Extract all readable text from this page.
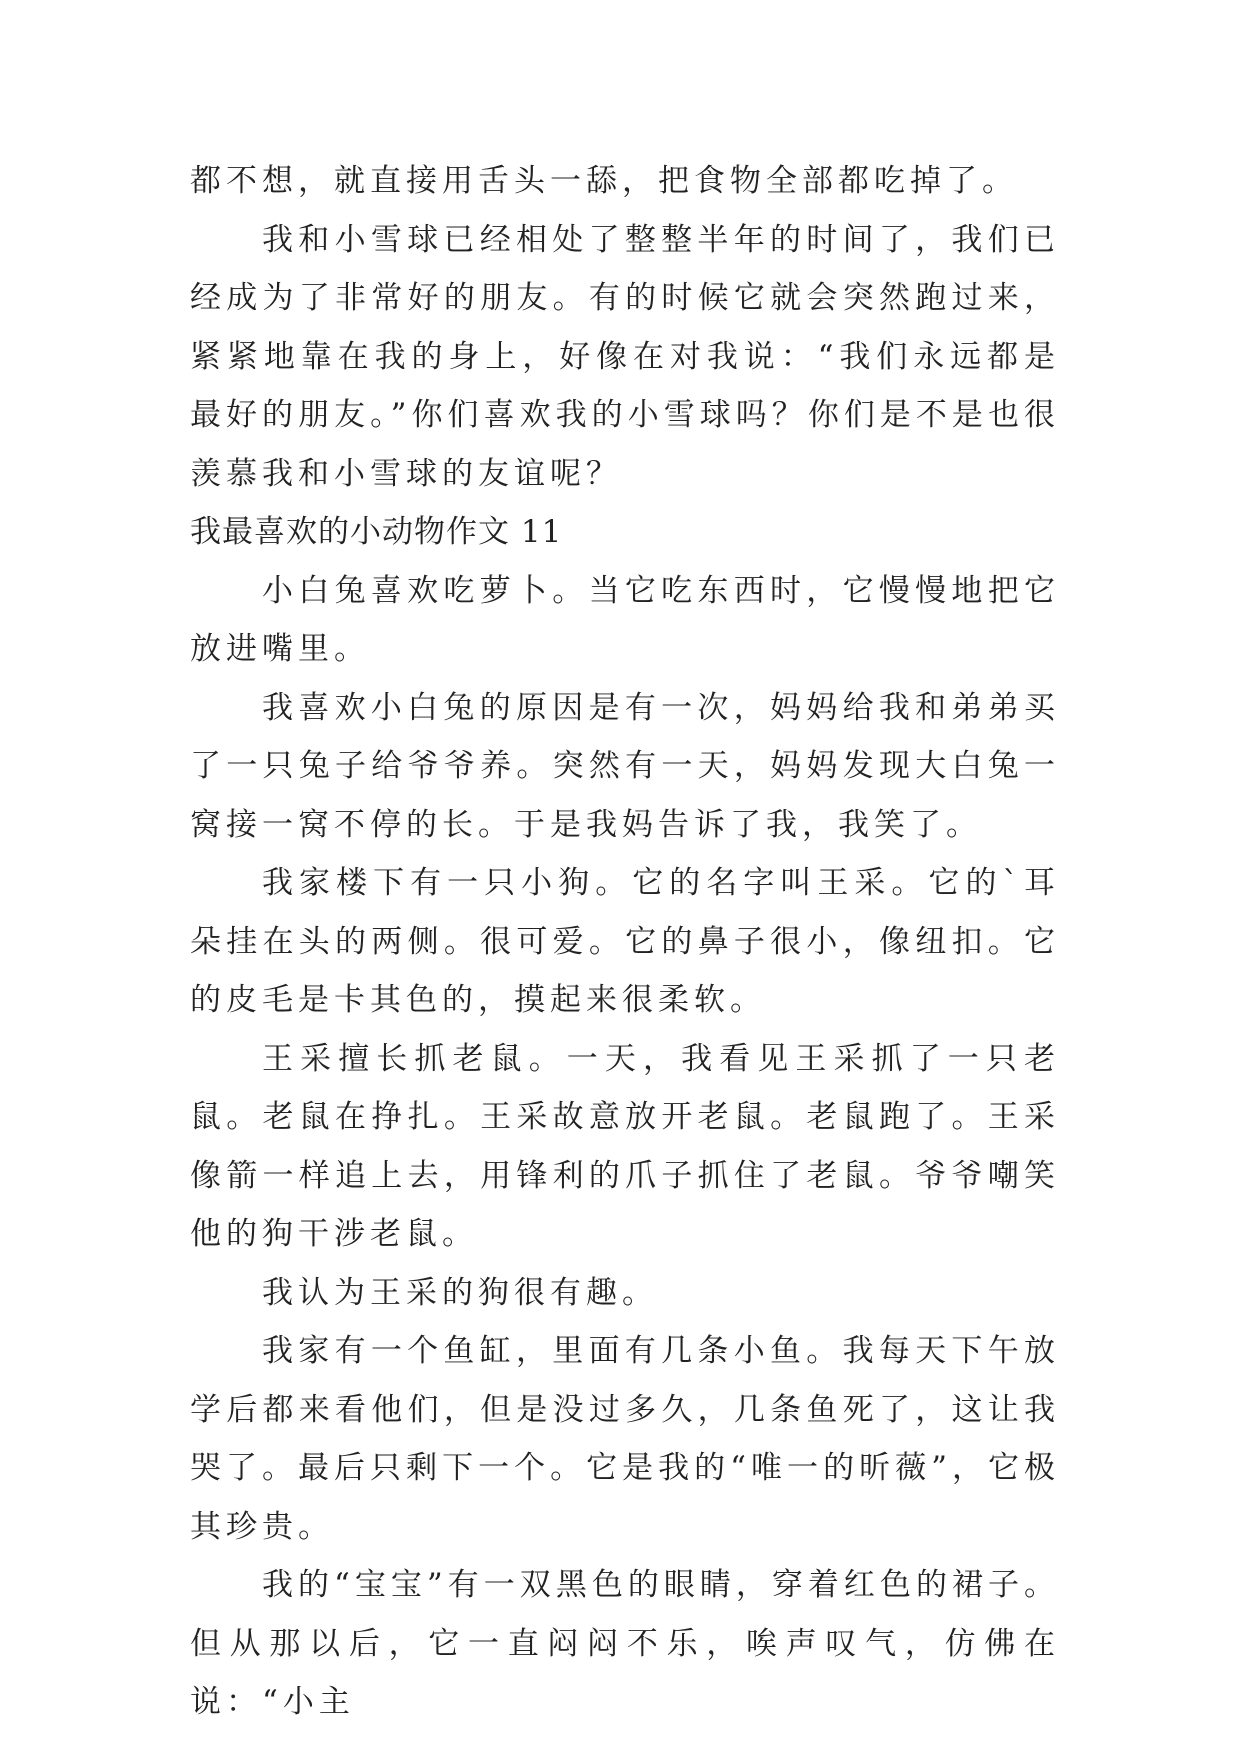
都不想，就直接用舌头一舔，把食物全部都吃掉了。

我和小雪球已经相处了整整半年的时间了，我们已经成为了非常好的朋友。有的时候它就会突然跑过来，紧紧地靠在我的身上，好像在对我说：“我们永远都是最好的朋友。”你们喜欢我的小雪球吗？你们是不是也很羡慕我和小雪球的友谊呢？

我最喜欢的小动物作文 11

小白兔喜欢吃萝卜。当它吃东西时，它慢慢地把它放进嘴里。

我喜欢小白兔的原因是有一次，妈妈给我和弟弟买了一只兔子给爷爷养。突然有一天，妈妈发现大白兔一窝接一窝不停的长。于是我妈告诉了我，我笑了。

我家楼下有一只小狗。它的名字叫王采。它的`耳朵挂在头的两侧。很可爱。它的鼻子很小，像纽扣。它的皮毛是卡其色的，摸起来很柔软。

王采擅长抓老鼠。一天，我看见王采抓了一只老鼠。老鼠在挣扎。王采故意放开老鼠。老鼠跑了。王采像箭一样追上去，用锋利的爪子抓住了老鼠。爷爷嘲笑他的狗干涉老鼠。

我认为王采的狗很有趣。

我家有一个鱼缸，里面有几条小鱼。我每天下午放学后都来看他们，但是没过多久，几条鱼死了，这让我哭了。最后只剩下一个。它是我的“唯一的昕薇”，它极其珍贵。

我的“宝宝”有一双黑色的眼睛，穿着红色的裙子。但从那以后，它一直闷闷不乐，唉声叹气，仿佛在说：“小主
